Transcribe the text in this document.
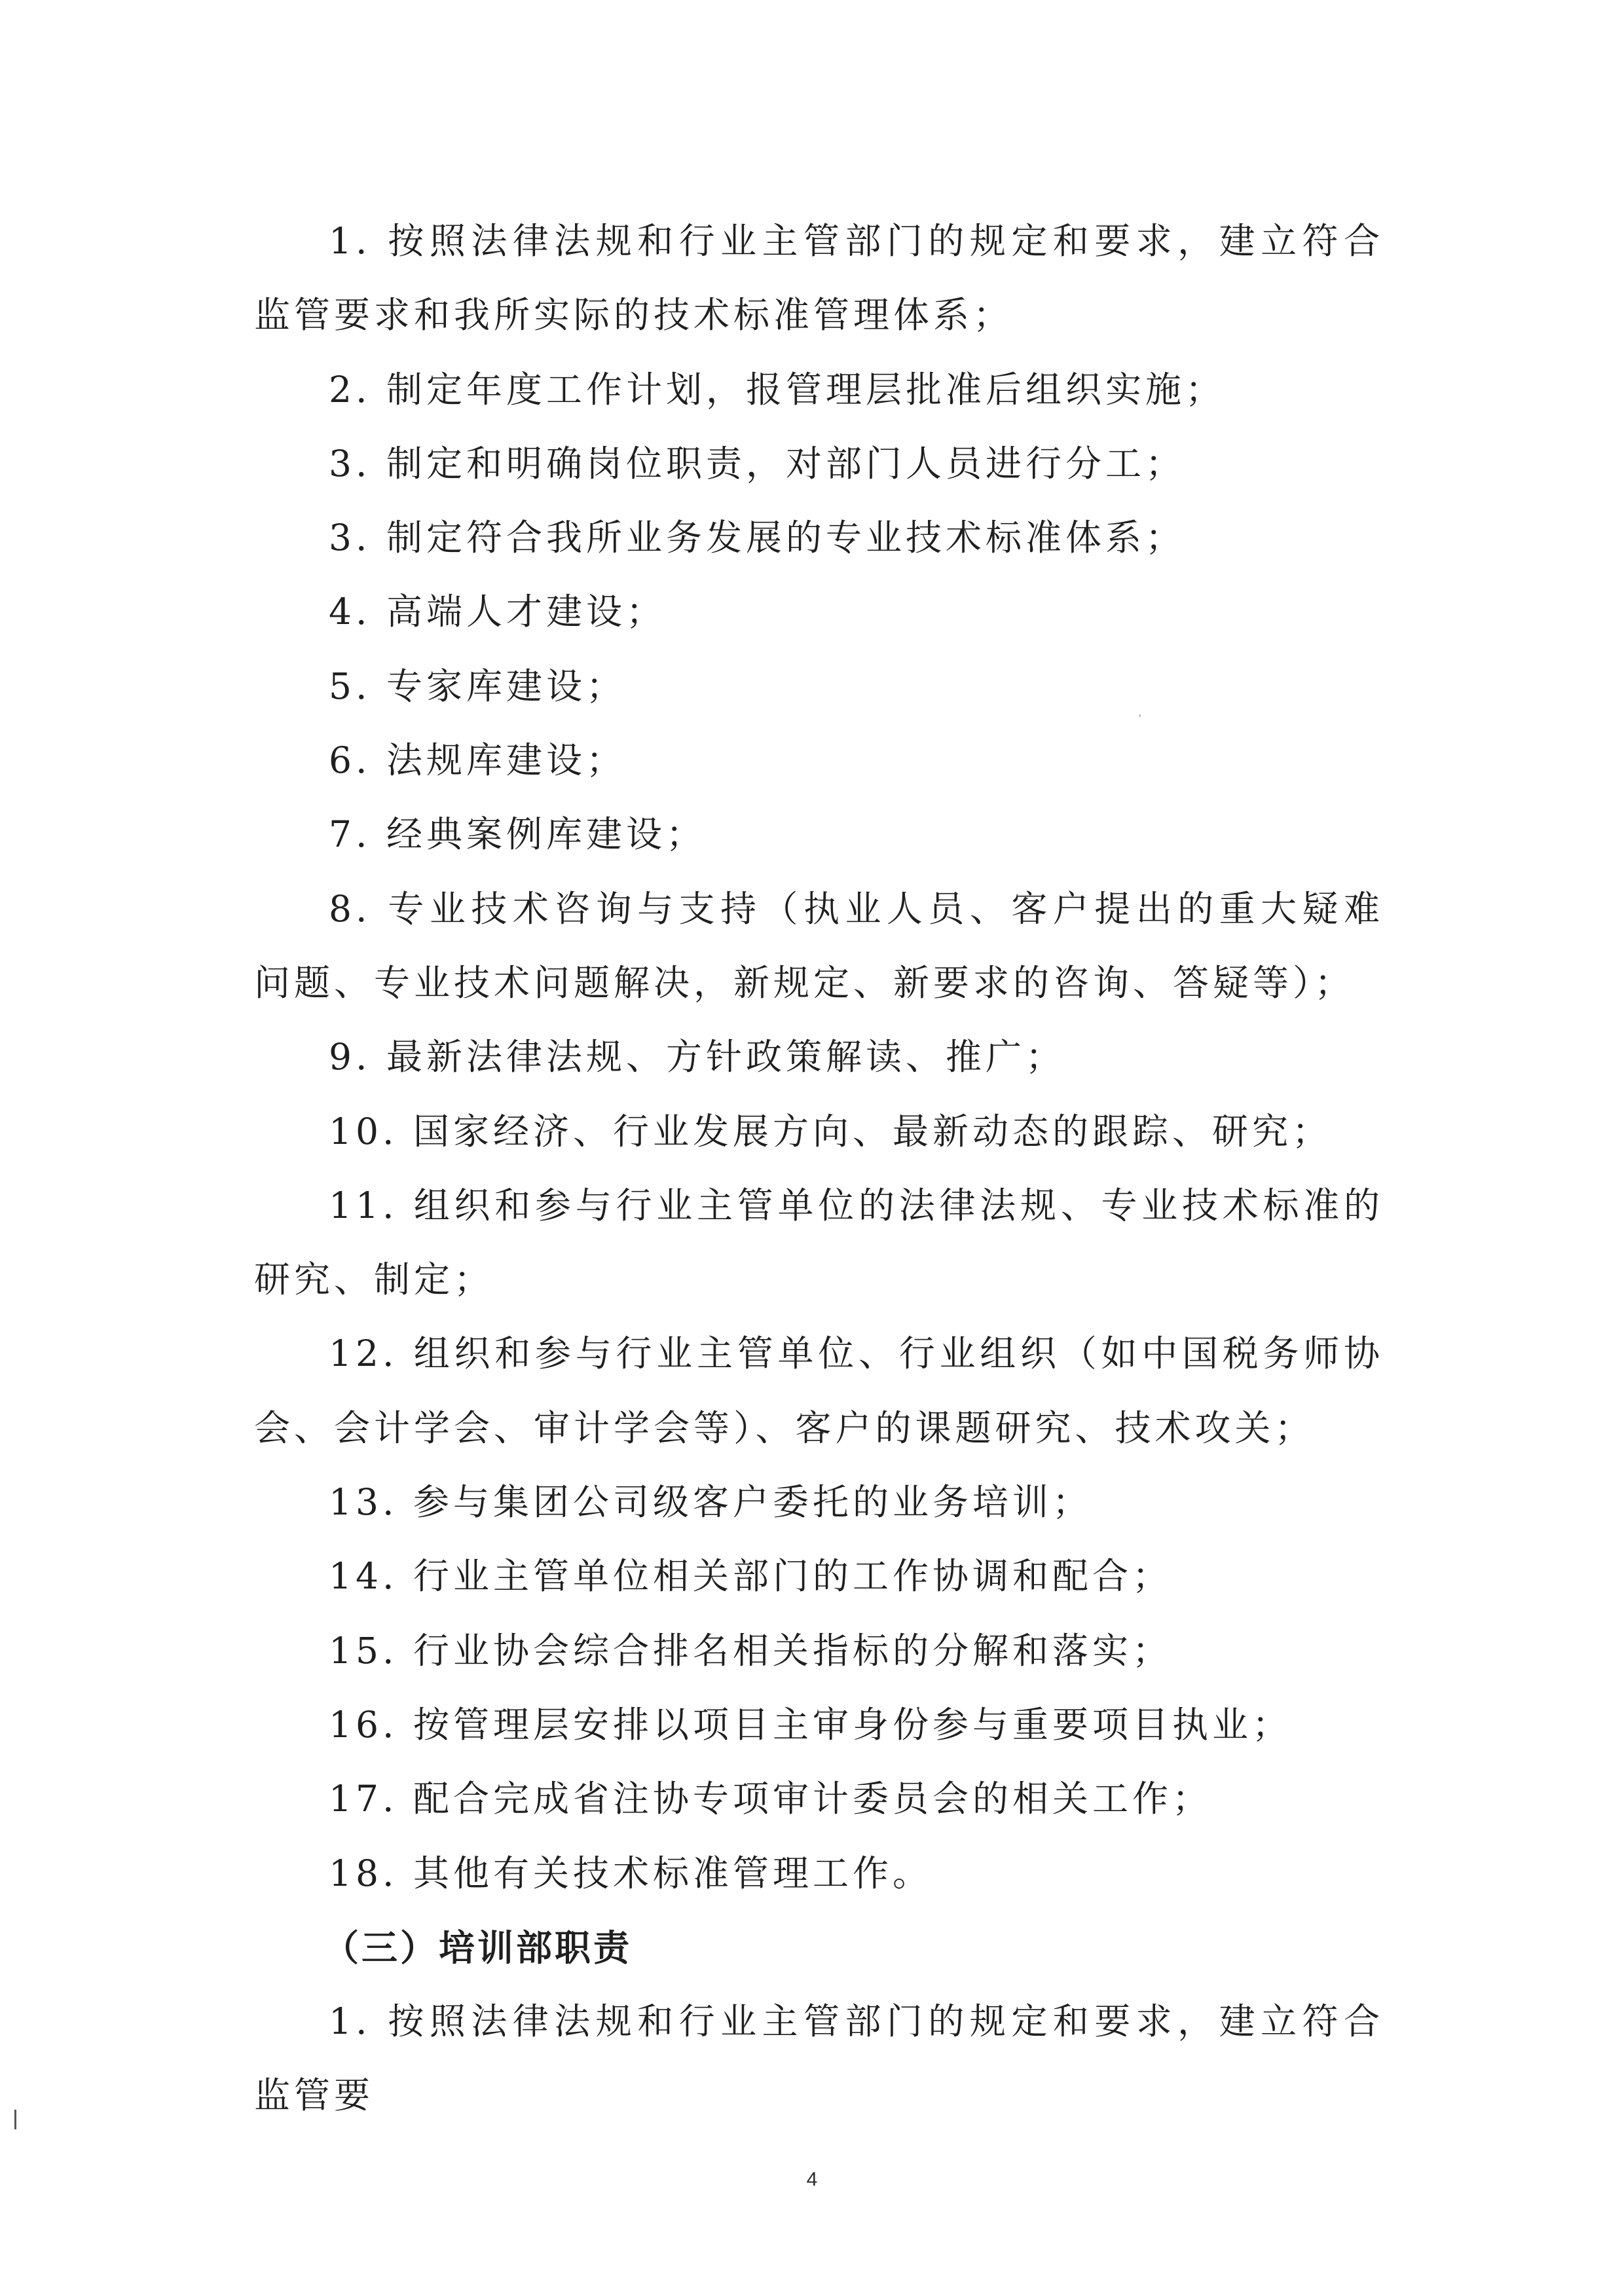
1. 按照法律法规和行业主管部门的规定和要求，建立符合监管要求和我所实际的技术标准管理体系；

2. 制定年度工作计划，报管理层批准后组织实施；

3. 制定和明确岗位职责，对部门人员进行分工；

3. 制定符合我所业务发展的专业技术标准体系；

4. 高端人才建设；

5. 专家库建设；

6. 法规库建设；

7. 经典案例库建设；

8. 专业技术咨询与支持（执业人员、客户提出的重大疑难问题、专业技术问题解决，新规定、新要求的咨询、答疑等）；

9. 最新法律法规、方针政策解读、推广；

10. 国家经济、行业发展方向、最新动态的跟踪、研究；

11. 组织和参与行业主管单位的法律法规、专业技术标准的研究、制定；

12. 组织和参与行业主管单位、行业组织（如中国税务师协会、会计学会、审计学会等）、客户的课题研究、技术攻关；

13. 参与集团公司级客户委托的业务培训；

14. 行业主管单位相关部门的工作协调和配合；

15. 行业协会综合排名相关指标的分解和落实；

16. 按管理层安排以项目主审身份参与重要项目执业；

17. 配合完成省注协专项审计委员会的相关工作；

18. 其他有关技术标准管理工作。

（三）培训部职责

1. 按照法律法规和行业主管部门的规定和要求，建立符合监管要

4
